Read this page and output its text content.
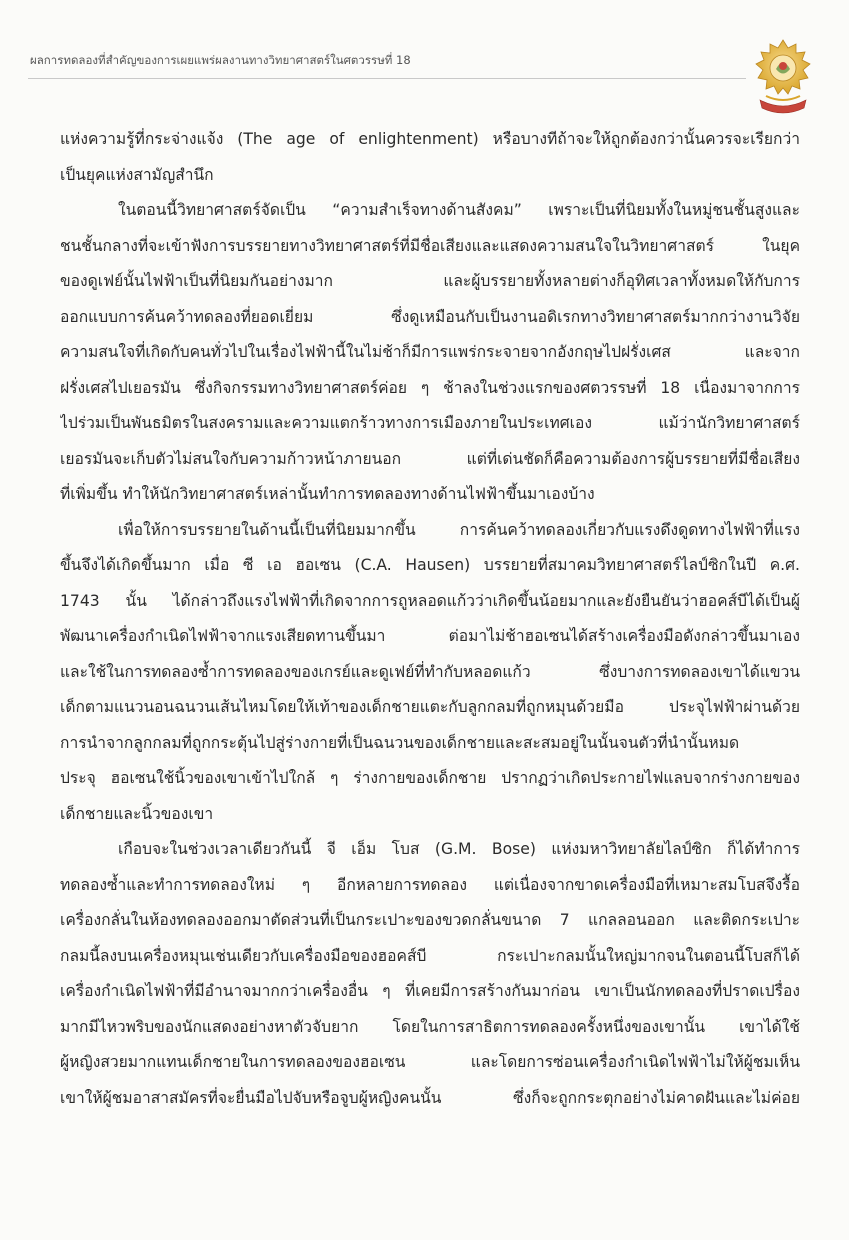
ผลการทดลองที่สำคัญของการเผยแพร่ผลงานทางวิทยาศาสตร์ในศตวรรษที่ 18
แห่งความรู้ที่กระจ่างแจ้ง (The age of enlightenment) หรือบางทีถ้าจะให้ถูกต้องกว่านั้นควรจะเรียกว่า
เป็นยุคแห่งสามัญสำนึก
ในตอนนี้วิทยาศาสตร์จัดเป็น “ความสำเร็จทางด้านสังคม” เพราะเป็นที่นิยมทั้งในหมู่ชนชั้นสูงและ
ชนชั้นกลางที่จะเข้าฟังการบรรยายทางวิทยาศาสตร์ที่มีชื่อเสียงและแสดงความสนใจในวิทยาศาสตร์ ในยุค
ของดูเฟย์นั้นไฟฟ้าเป็นที่นิยมกันอย่างมาก และผู้บรรยายทั้งหลายต่างก็อุทิศเวลาทั้งหมดให้กับการ
ออกแบบการค้นคว้าทดลองที่ยอดเยี่ยม ซึ่งดูเหมือนกับเป็นงานอดิเรกทางวิทยาศาสตร์มากกว่างานวิจัย
ความสนใจที่เกิดกับคนทั่วไปในเรื่องไฟฟ้านี้ในไม่ช้าก็มีการแพร่กระจายจากอังกฤษไปฝรั่งเศส และจาก
ฝรั่งเศสไปเยอรมัน ซึ่งกิจกรรมทางวิทยาศาสตร์ค่อย ๆ ช้าลงในช่วงแรกของศตวรรษที่ 18 เนื่องมาจากการ
ไปร่วมเป็นพันธมิตรในสงครามและความแตกร้าวทางการเมืองภายในประเทศเอง แม้ว่านักวิทยาศาสตร์
เยอรมันจะเก็บตัวไม่สนใจกับความก้าวหน้าภายนอก แต่ที่เด่นชัดก็คือความต้องการผู้บรรยายที่มีชื่อเสียง
ที่เพิ่มขึ้น ทำให้นักวิทยาศาสตร์เหล่านั้นทำการทดลองทางด้านไฟฟ้าขึ้นมาเองบ้าง
เพื่อให้การบรรยายในด้านนี้เป็นที่นิยมมากขึ้น การค้นคว้าทดลองเกี่ยวกับแรงดึงดูดทางไฟฟ้าที่แรง
ขึ้นจึงได้เกิดขึ้นมาก เมื่อ ซี เอ ฮอเซน (C.A. Hausen) บรรยายที่สมาคมวิทยาศาสตร์ไลป์ซิกในปี ค.ศ.
1743 นั้น ได้กล่าวถึงแรงไฟฟ้าที่เกิดจากการถูหลอดแก้วว่าเกิดขึ้นน้อยมากและยังยืนยันว่าฮอคส์บีได้เป็นผู้
พัฒนาเครื่องกำเนิดไฟฟ้าจากแรงเสียดทานขึ้นมา ต่อมาไม่ช้าฮอเซนได้สร้างเครื่องมือดังกล่าวขึ้นมาเอง
และใช้ในการทดลองซ้ำการทดลองของเกรย์และดูเฟย์ที่ทำกับหลอดแก้ว ซึ่งบางการทดลองเขาได้แขวน
เด็กตามแนวนอนฉนวนเส้นไหมโดยให้เท้าของเด็กชายแตะกับลูกกลมที่ถูกหมุนด้วยมือ ประจุไฟฟ้าผ่านด้วย
การนำจากลูกกลมที่ถูกกระตุ้นไปสู่ร่างกายที่เป็นฉนวนของเด็กชายและสะสมอยู่ในนั้นจนตัวที่นำนั้นหมด
ประจุ ฮอเซนใช้นิ้วของเขาเข้าไปใกล้ ๆ ร่างกายของเด็กชาย ปรากฏว่าเกิดประกายไฟแลบจากร่างกายของ
เด็กชายและนิ้วของเขา
เกือบจะในช่วงเวลาเดียวกันนี้ จี เอ็ม โบส (G.M. Bose) แห่งมหาวิทยาลัยไลป์ซิก ก็ได้ทำการ
ทดลองซ้ำและทำการทดลองใหม่ ๆ อีกหลายการทดลอง แต่เนื่องจากขาดเครื่องมือที่เหมาะสมโบสจึงรื้อ
เครื่องกลั่นในห้องทดลองออกมาตัดส่วนที่เป็นกระเปาะของขวดกลั่นขนาด 7 แกลลอนออก และติดกระเปาะ
กลมนี้ลงบนเครื่องหมุนเช่นเดียวกับเครื่องมือของฮอคส์บี กระเปาะกลมนั้นใหญ่มากจนในตอนนี้โบสก็ได้
เครื่องกำเนิดไฟฟ้าที่มีอำนาจมากกว่าเครื่องอื่น ๆ ที่เคยมีการสร้างกันมาก่อน เขาเป็นนักทดลองที่ปราดเปรื่อง
มากมีไหวพริบของนักแสดงอย่างหาตัวจับยาก โดยในการสาธิตการทดลองครั้งหนึ่งของเขานั้น เขาได้ใช้
ผู้หญิงสวยมากแทนเด็กชายในการทดลองของฮอเซน และโดยการซ่อนเครื่องกำเนิดไฟฟ้าไม่ให้ผู้ชมเห็น
เขาให้ผู้ชมอาสาสมัครที่จะยื่นมือไปจับหรือจูบผู้หญิงคนนั้น ซึ่งก็จะถูกกระตุกอย่างไม่คาดฝันและไม่ค่อย
